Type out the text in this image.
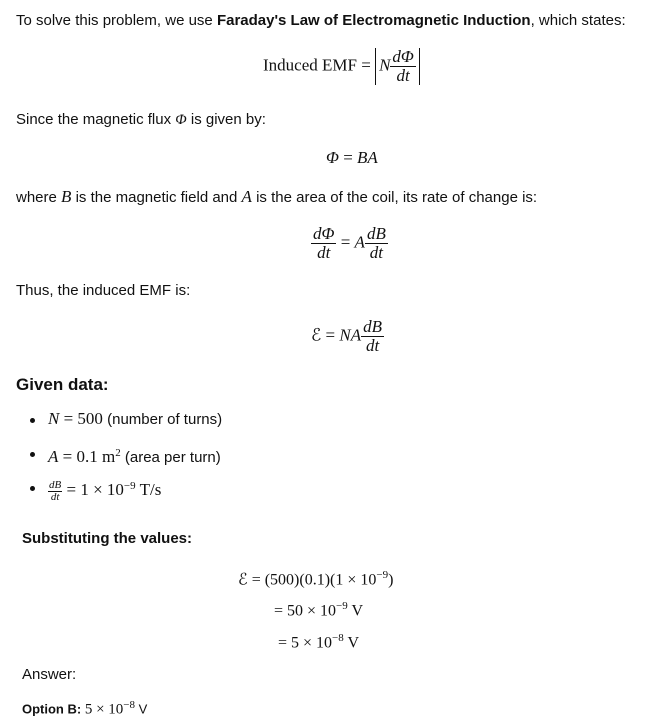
To solve this problem, we use Faraday's Law of Electromagnetic Induction, which states:
Induced EMF = N $\frac{d\Phi}{dt}$
Since the magnetic flux Φ is given by:
Φ = BA
where B is the magnetic field and A is the area of the coil, its rate of change is:
$\frac{d\Phi}{dt} = A \frac{dB}{dt}$
Thus, the induced EMF is:
ℰ = NA $\frac{dB}{dt}$
Given data:
N = 500 (number of turns)
A = 0.1 $m^2$ (area per turn)
$\frac{dB}{dt} = 1 \times 10^{-9}$ T/s
Substituting the values:
ℰ = $(500)(0.1)(1 \times 10^{-9})$
= $50 \times 10^{-9}$ V
= $5 \times 10^{-8}$ V
Answer:
Option B: $5 \times 10^{-8}$ V
